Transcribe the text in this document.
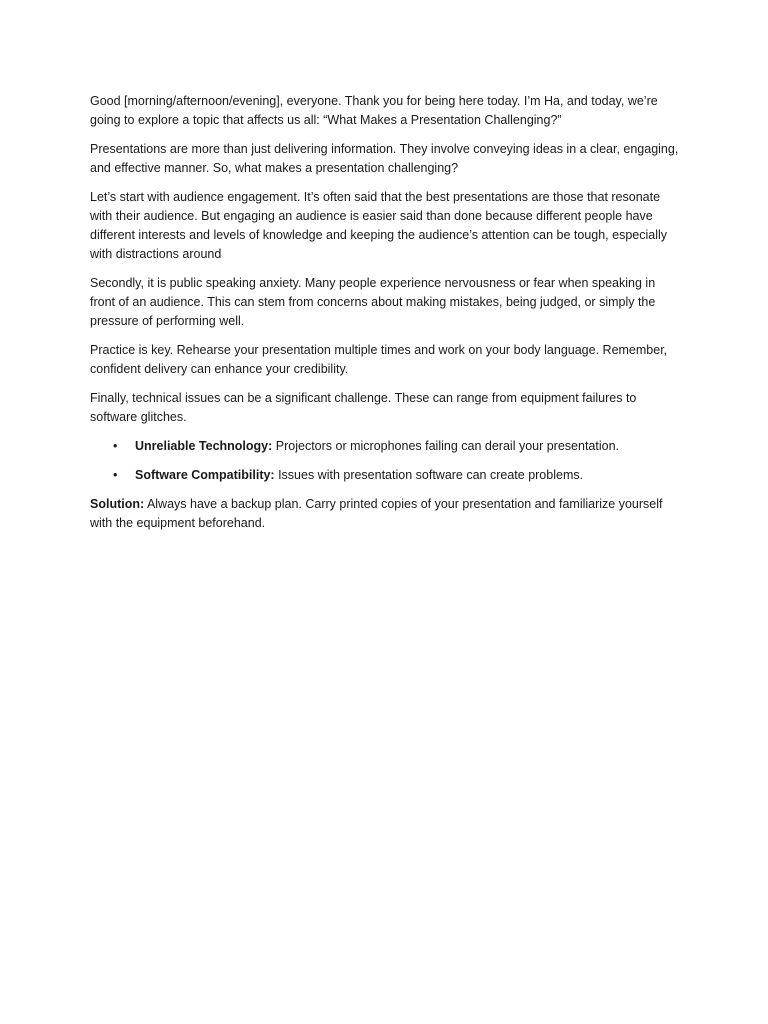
Good [morning/afternoon/evening], everyone. Thank you for being here today. I’m Ha, and today, we’re going to explore a topic that affects us all: “What Makes a Presentation Challenging?”

Presentations are more than just delivering information. They involve conveying ideas in a clear, engaging, and effective manner. So, what makes a presentation challenging?

Let’s start with audience engagement. It’s often said that the best presentations are those that resonate with their audience. But engaging an audience is easier said than done because different people have different interests and levels of knowledge and keeping the audience’s attention can be tough, especially with distractions around

Secondly, it is public speaking anxiety. Many people experience nervousness or fear when speaking in front of an audience. This can stem from concerns about making mistakes, being judged, or simply the pressure of performing well.

Practice is key. Rehearse your presentation multiple times and work on your body language. Remember, confident delivery can enhance your credibility.

Finally, technical issues can be a significant challenge. These can range from equipment failures to software glitches.

• Unreliable Technology: Projectors or microphones failing can derail your presentation.
• Software Compatibility: Issues with presentation software can create problems.

Solution: Always have a backup plan. Carry printed copies of your presentation and familiarize yourself with the equipment beforehand.
